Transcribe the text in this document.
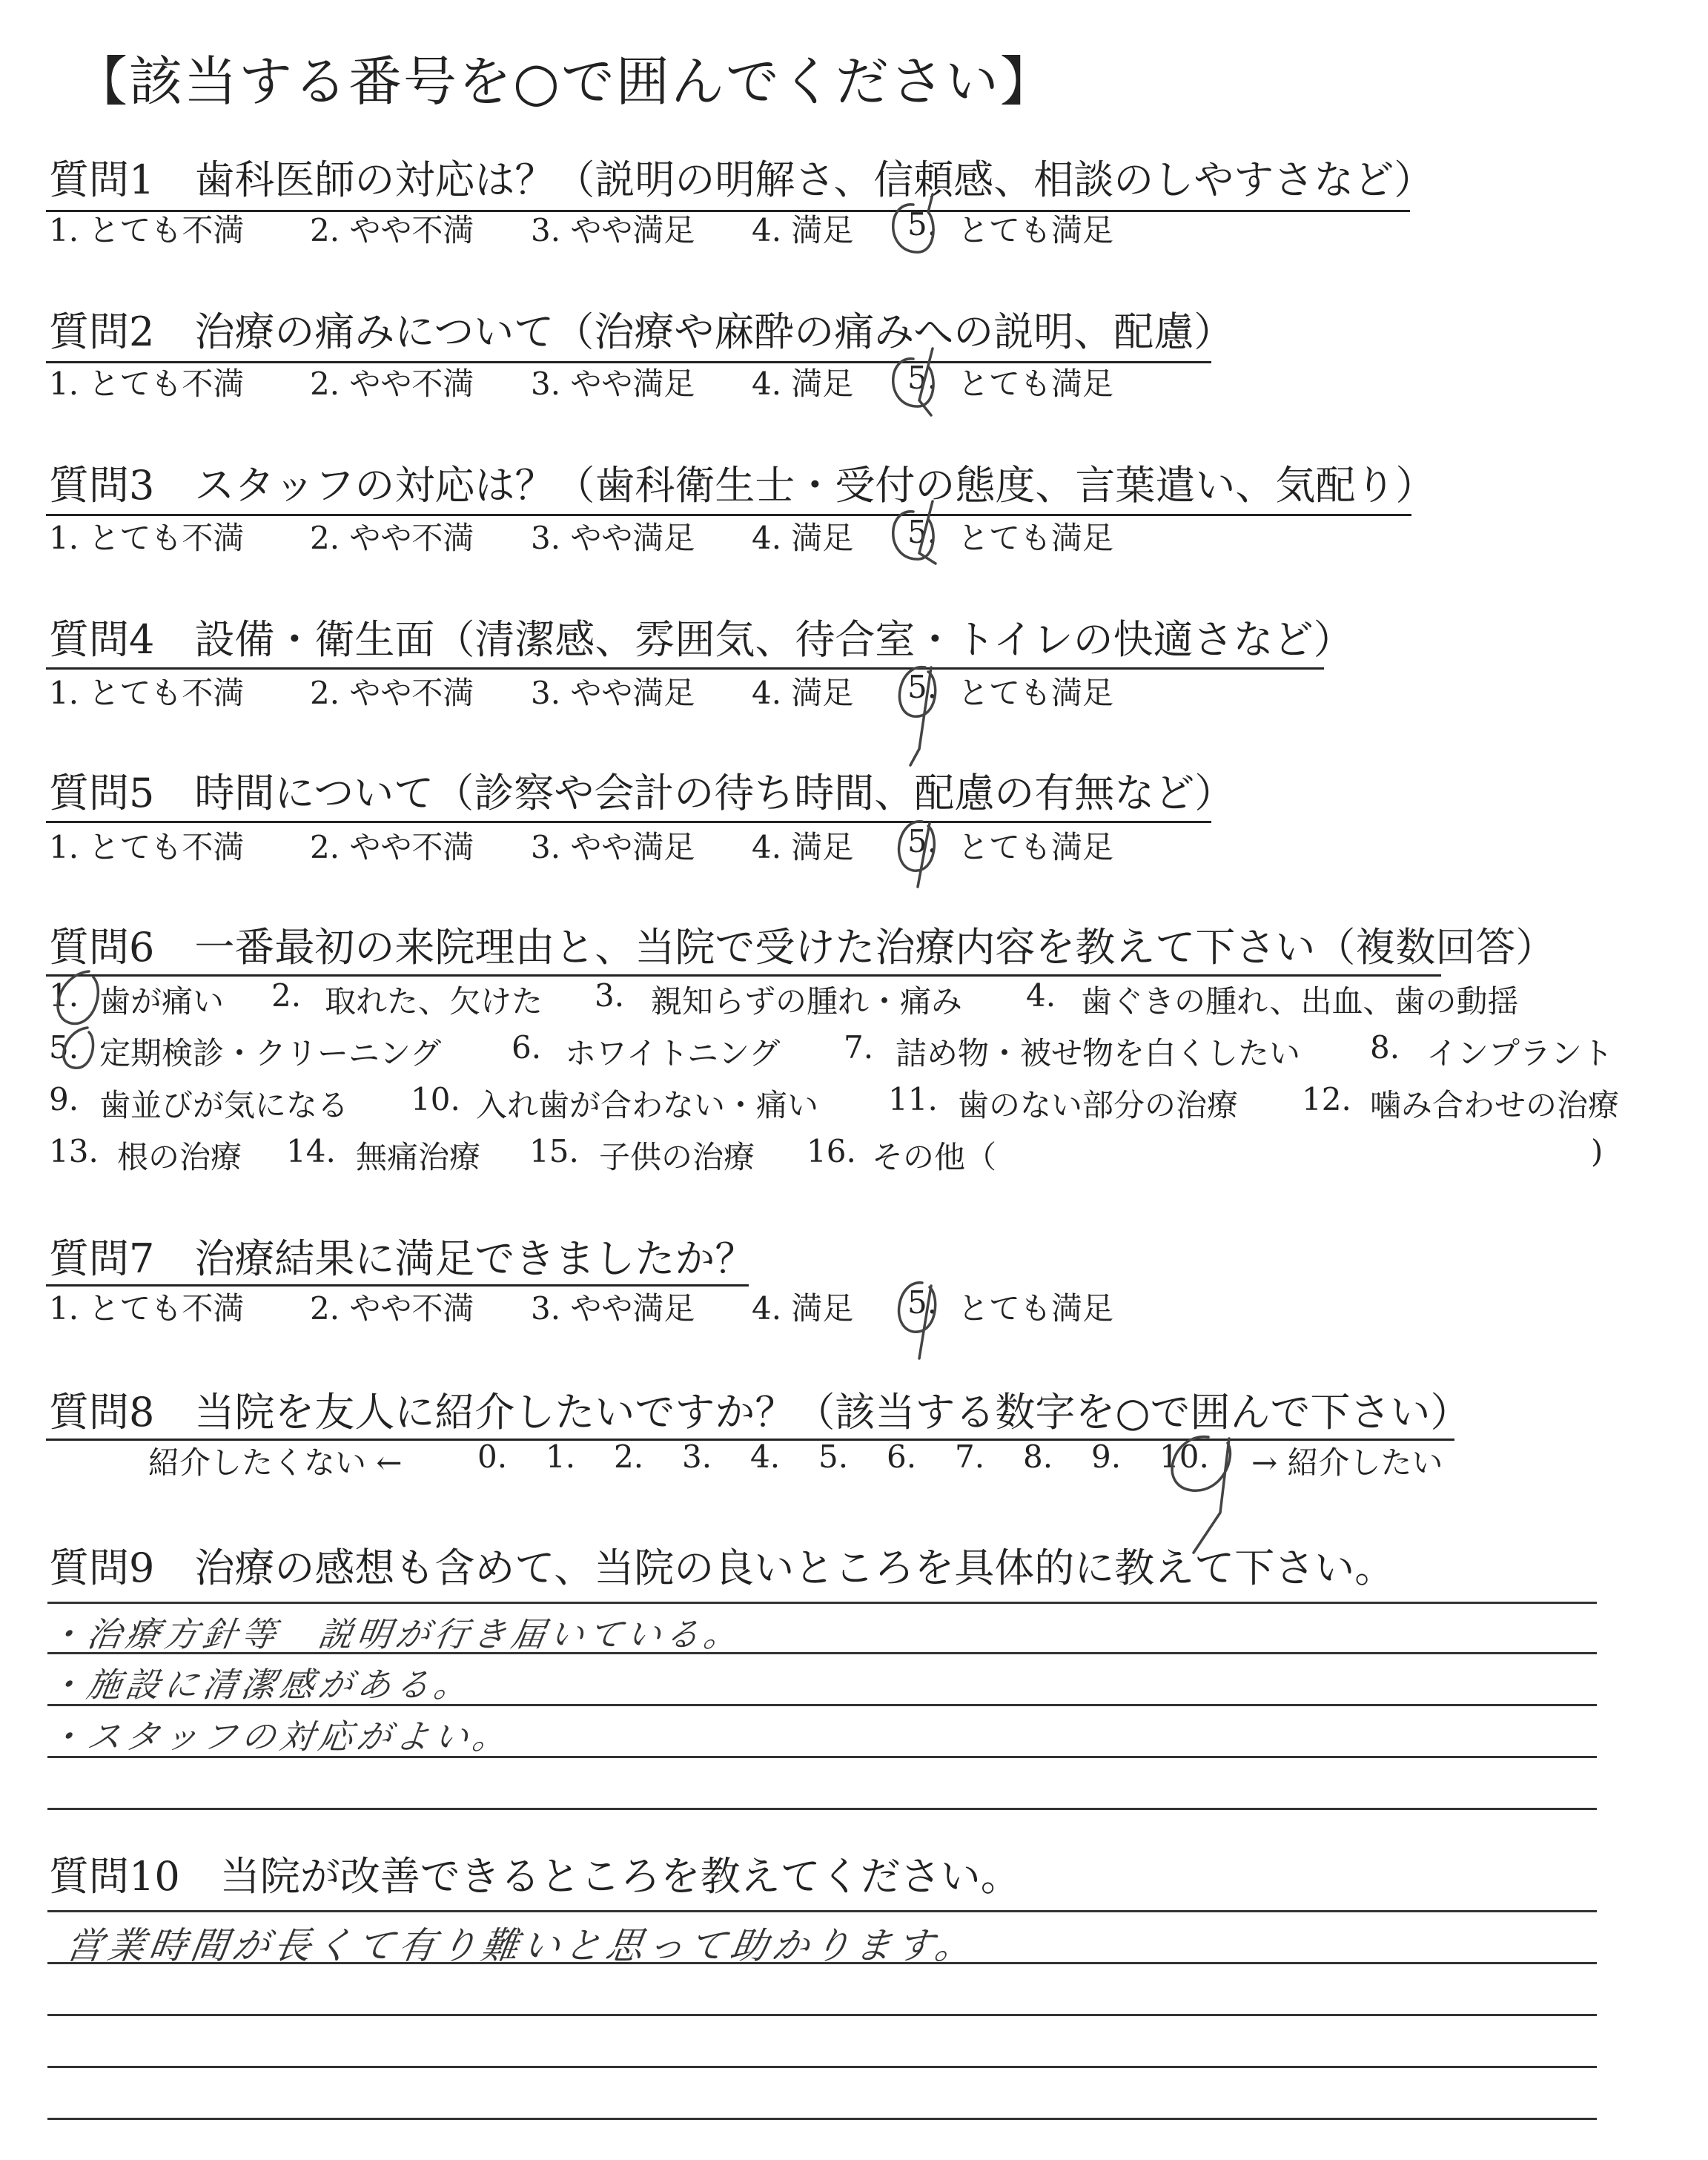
【該当する番号を○で囲んでください】
質問1　歯科医師の対応は？（説明の明解さ、信頼感、相談のしやすさなど）
1. とても不満 2. やや不満 3. やや満足 4. 満足 5. とても満足
質問2　治療の痛みについて（治療や麻酔の痛みへの説明、配慮）
1. とても不満 2. やや不満 3. やや満足 4. 満足 5. とても満足
質問3　スタッフの対応は？（歯科衛生士・受付の態度、言葉遣い、気配り）
1. とても不満 2. やや不満 3. やや満足 4. 満足 5. とても満足
質問4　設備・衛生面（清潔感、雰囲気、待合室・トイレの快適さなど）
1. とても不満 2. やや不満 3. やや満足 4. 満足 5. とても満足
質問5　時間について（診察や会計の待ち時間、配慮の有無など）
1. とても不満 2. やや不満 3. やや満足 4. 満足 5. とても満足
質問6　一番最初の来院理由と、当院で受けた治療内容を教えて下さい（複数回答）
1. 歯が痛い 2. 取れた、欠けた 3. 親知らずの腫れ・痛み 4. 歯ぐきの腫れ、出血、歯の動揺
5. 定期検診・クリーニング 6. ホワイトニング 7. 詰め物・被せ物を白くしたい 8. インプラント
9. 歯並びが気になる 10. 入れ歯が合わない・痛い 11. 歯のない部分の治療 12. 噛み合わせの治療
13. 根の治療 14. 無痛治療 15. 子供の治療 16. その他（	)
質問7　治療結果に満足できましたか？
1. とても不満 2. やや不満 3. やや満足 4. 満足 5. とても満足
質問8　当院を友人に紹介したいですか？（該当する数字を○で囲んで下さい）
紹介したくない ← 0. 1. 2. 3. 4. 5. 6. 7. 8. 9. 10. → 紹介したい
質問9　治療の感想も含めて、当院の良いところを具体的に教えて下さい。
・治療方針等　説明が行き届いている。
・施設に清潔感がある。
・スタッフの対応がよい。
質問10　当院が改善できるところを教えてください。
営業時間が長くて有り難いと思って助かります。
